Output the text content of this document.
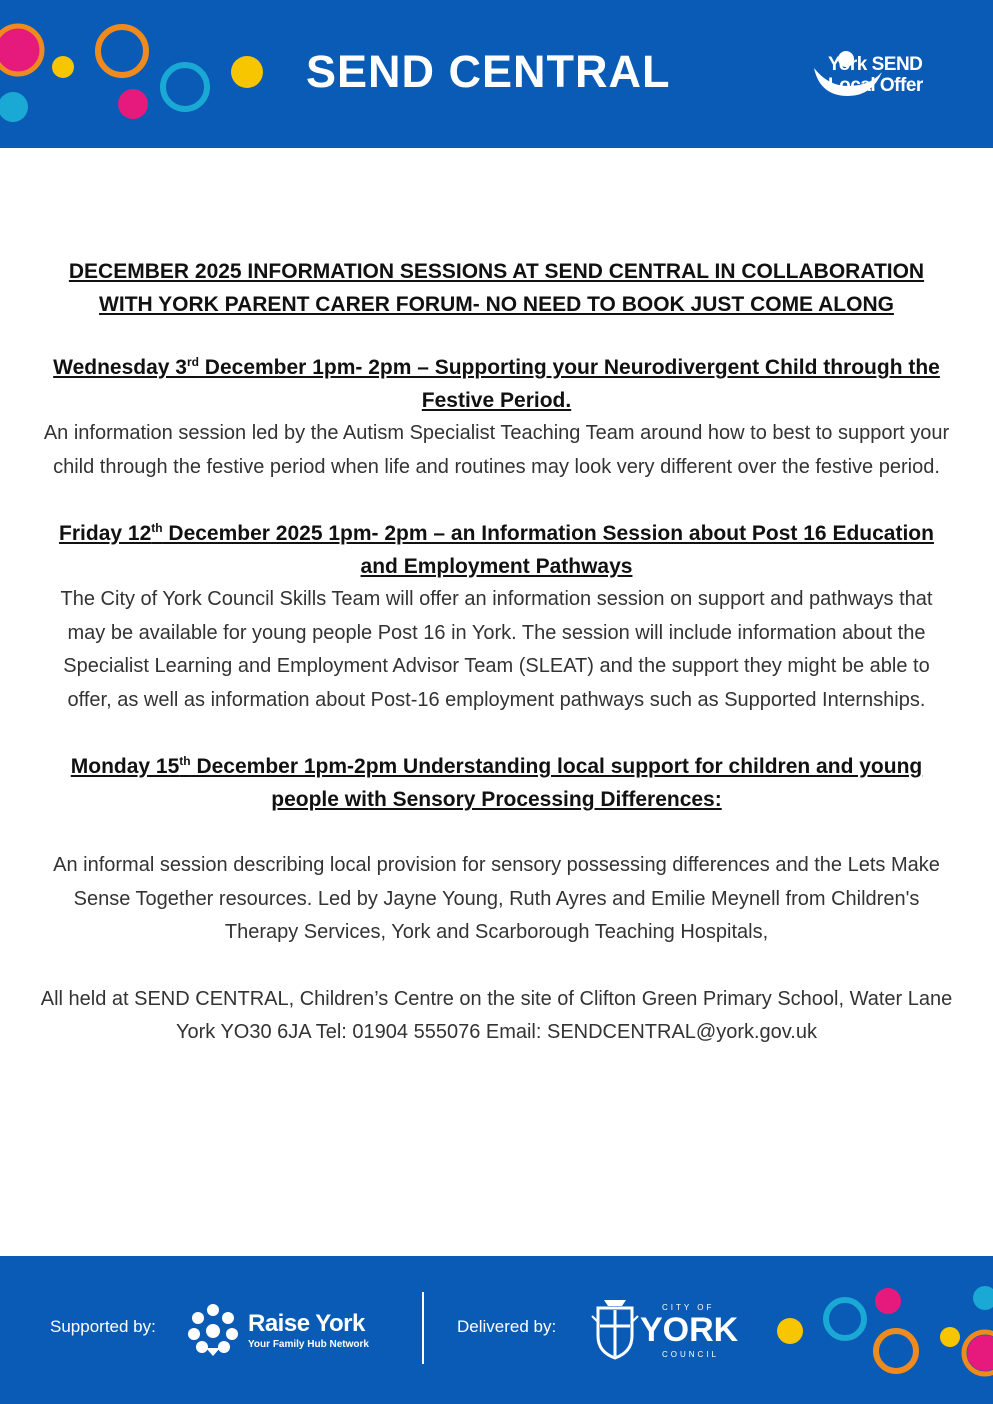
SEND CENTRAL	York SEND
Local Offer

DECEMBER 2025 INFORMATION SESSIONS AT SEND CENTRAL IN COLLABORATION WITH YORK PARENT CARER FORUM- NO NEED TO BOOK JUST COME ALONG

Wednesday 3rd December 1pm- 2pm – Supporting your Neurodivergent Child through the Festive Period.

An information session led by the Autism Specialist Teaching Team around how to best to support your child through the festive period when life and routines may look very different over the festive period.

Friday 12th December 2025 1pm- 2pm – an Information Session about Post 16 Education and Employment Pathways

The City of York Council Skills Team will offer an information session on support and pathways that may be available for young people Post 16 in York. The session will include information about the Specialist Learning and Employment Advisor Team (SLEAT) and the support they might be able to offer, as well as information about Post-16 employment pathways such as Supported Internships.

Monday 15th December 1pm-2pm Understanding local support for children and young people with Sensory Processing Differences:

An informal session describing local provision for sensory possessing differences and the Lets Make Sense Together resources. Led by Jayne Young, Ruth Ayres and Emilie Meynell from Children's Therapy Services, York and Scarborough Teaching Hospitals,

All held at SEND CENTRAL, Children’s Centre on the site of Clifton Green Primary School, Water Lane York YO30 6JA Tel: 01904 555076 Email: SENDCENTRAL@york.gov.uk

Supported by:	Raise York
Your Family Hub Network
Delivered by:
CITY OF
YORK
COUNCIL
